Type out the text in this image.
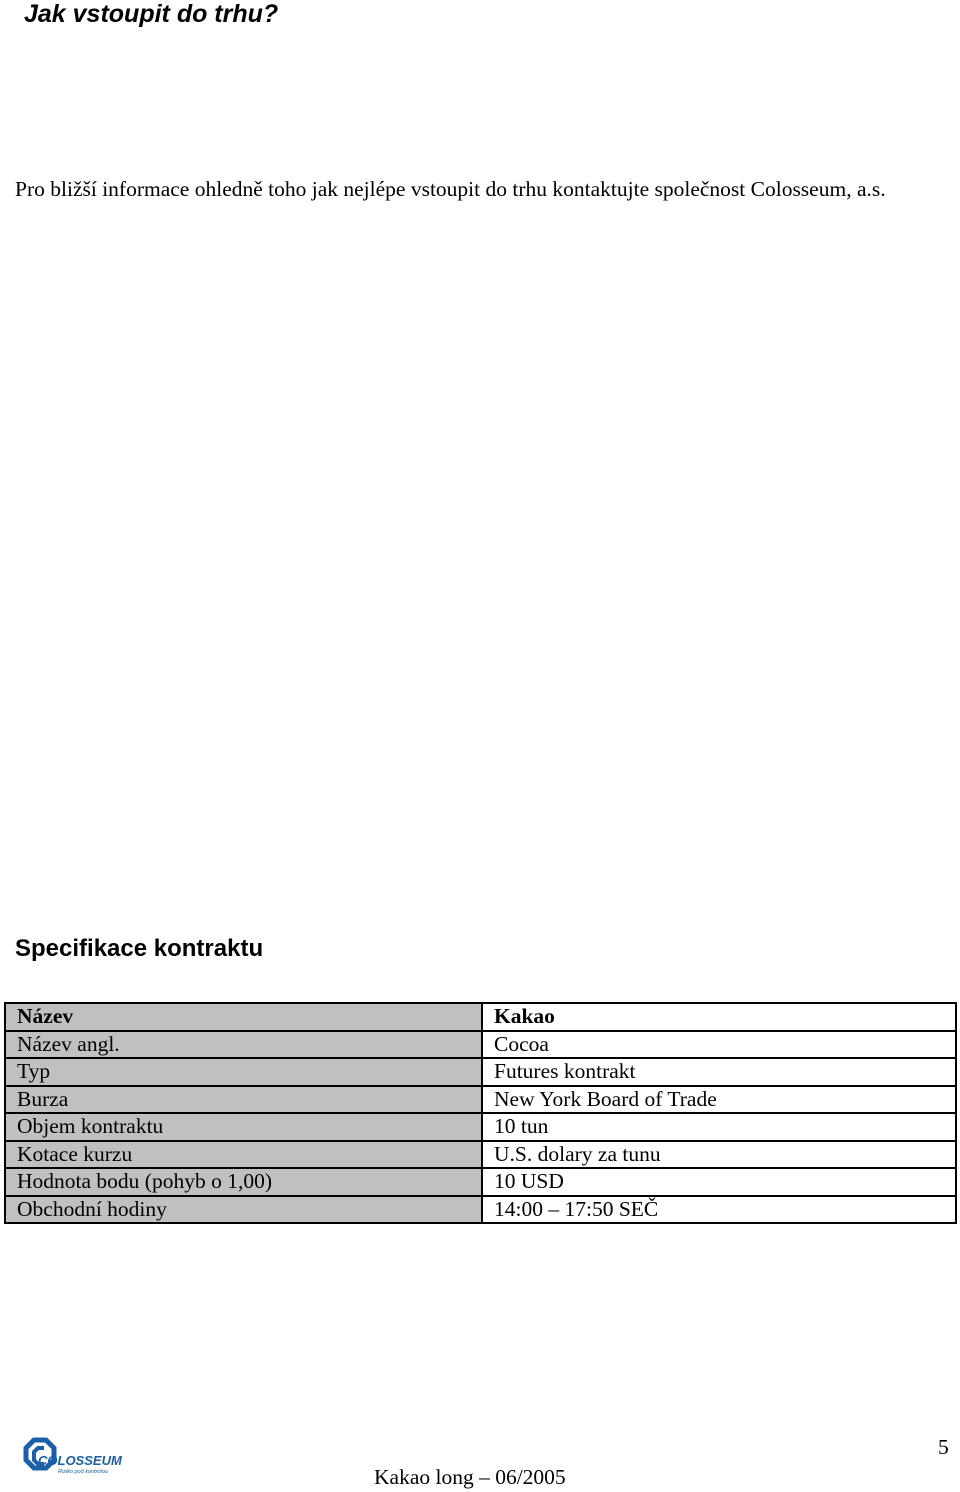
Jak vstoupit do trhu?
Pro bližší informace ohledně toho jak nejlépe vstoupit do trhu kontaktujte společnost Colosseum, a.s.
Specifikace kontraktu
Název	Kakao
Název angl.	Cocoa
Typ	Futures kontrakt
Burza	New York Board of Trade
Objem kontraktu	10 tun
Kotace kurzu	U.S. dolary za tunu
Hodnota bodu (pohyb o 1,00)	10 USD
Obchodní hodiny	14:00 – 17:50 SEČ
COLOSSEUM
Riziko pod kontrolou	Kakao long – 06/2005
5
